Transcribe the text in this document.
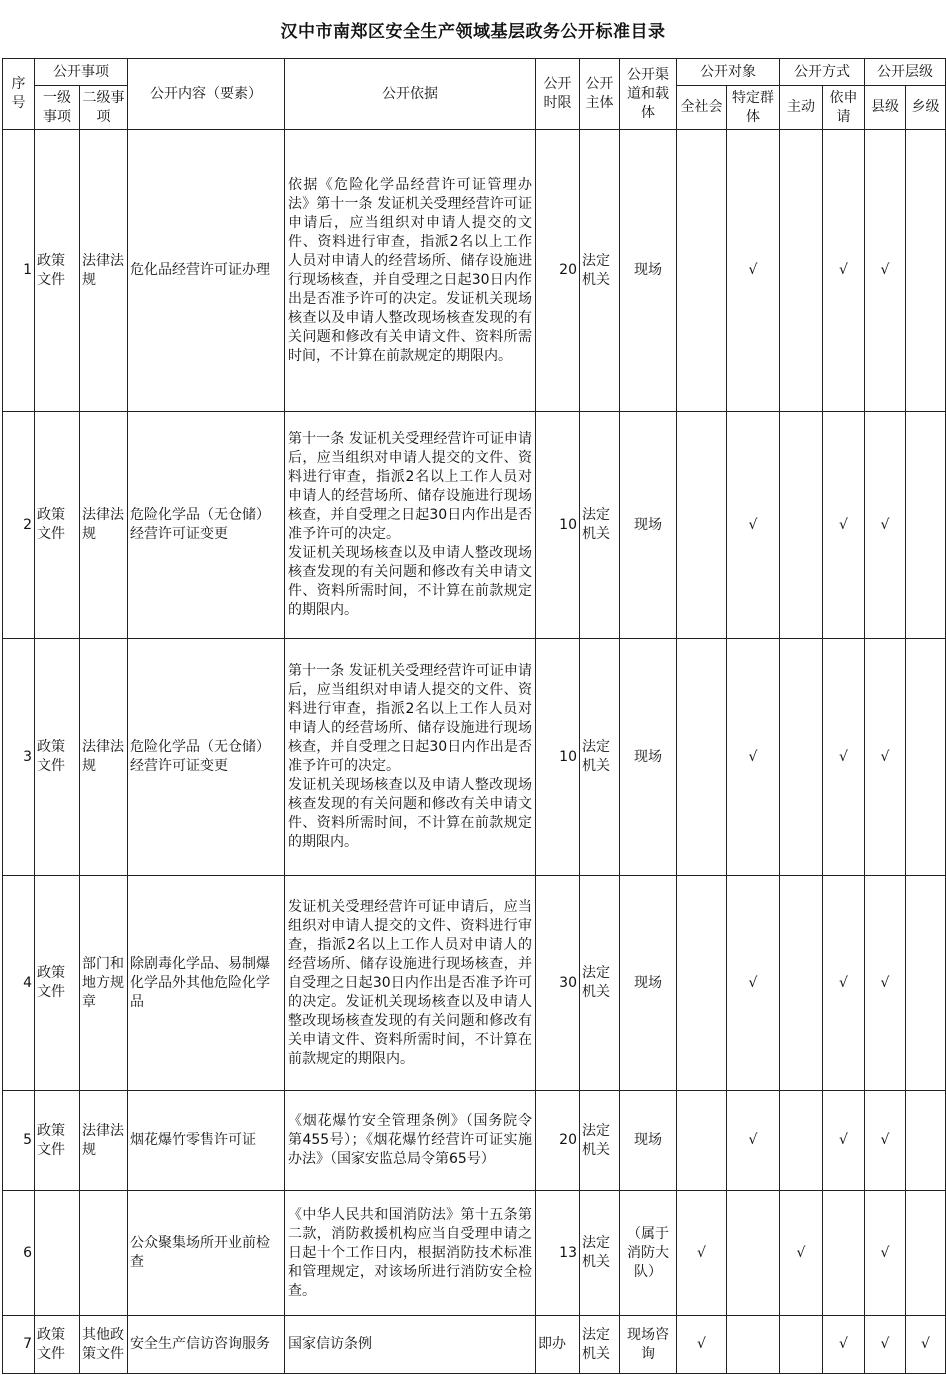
汉中市南郑区安全生产领域基层政务公开标准目录
序号	公开事项		公开内容（要素）	公开依据	公开时限	公开主体	公开渠道和载体	公开对象		公开方式		公开层级	
	一级事项	二级事项						全社会	特定群体	主动	依申请	县级	乡级
1	政策文件	法律法规	危化品经营许可证办理	依据《危险化学品经营许可证管理办法》第十一条 发证机关受理经营许可证申请后，应当组织对申请人提交的文件、资料进行审查，指派2名以上工作人员对申请人的经营场所、储存设施进行现场核查，并自受理之日起30日内作出是否准予许可的决定。发证机关现场核查以及申请人整改现场核查发现的有关问题和修改有关申请文件、资料所需时间，不计算在前款规定的期限内。	20	法定机关	现场		√		√	√	
2	政策文件	法律法规	危险化学品（无仓储）经营许可证变更	第十一条 发证机关受理经营许可证申请后，应当组织对申请人提交的文件、资料进行审查，指派2名以上工作人员对申请人的经营场所、储存设施进行现场核查，并自受理之日起30日内作出是否准予许可的决定。

发证机关现场核查以及申请人整改现场核查发现的有关问题和修改有关申请文件、资料所需时间，不计算在前款规定的期限内。	10	法定机关	现场		√		√	√	
3	政策文件	法律法规	危险化学品（无仓储）经营许可证变更	第十一条 发证机关受理经营许可证申请后，应当组织对申请人提交的文件、资料进行审查，指派2名以上工作人员对申请人的经营场所、储存设施进行现场核查，并自受理之日起30日内作出是否准予许可的决定。

发证机关现场核查以及申请人整改现场核查发现的有关问题和修改有关申请文件、资料所需时间，不计算在前款规定的期限内。	10	法定机关	现场		√		√	√	
4	政策文件	部门和地方规章	除剧毒化学品、易制爆化学品外其他危险化学品	发证机关受理经营许可证申请后，应当组织对申请人提交的文件、资料进行审查，指派2名以上工作人员对申请人的经营场所、储存设施进行现场核查，并自受理之日起30日内作出是否准予许可的决定。发证机关现场核查以及申请人整改现场核查发现的有关问题和修改有关申请文件、资料所需时间，不计算在前款规定的期限内。	30	法定机关	现场		√		√	√	
5	政策文件	法律法规	烟花爆竹零售许可证	《烟花爆竹安全管理条例》（国务院令第455号）；《烟花爆竹经营许可证实施办法》（国家安监总局令第65号）	20	法定机关	现场		√		√	√	
6			公众聚集场所开业前检查	《中华人民共和国消防法》第十五条第二款，消防救援机构应当自受理申请之日起十个工作日内，根据消防技术标准和管理规定，对该场所进行消防安全检查。	13	法定机关	（属于消防大队）	√		√		√	
7	政策文件	其他政策文件	安全生产信访咨询服务	国家信访条例	即办	法定机关	现场咨询	√			√	√	√
